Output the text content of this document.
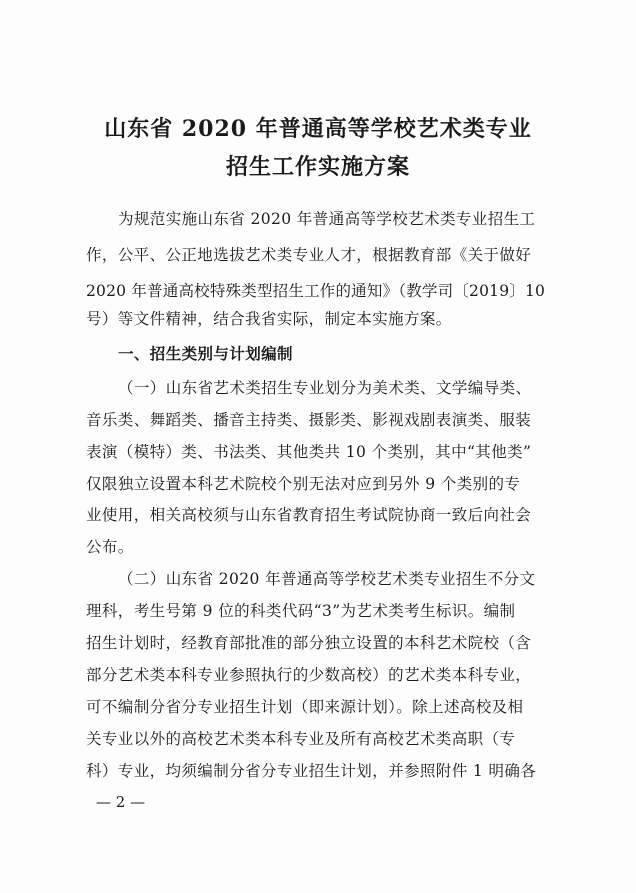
山东省 2020 年普通高等学校艺术类专业
招生工作实施方案
为规范实施山东省 2020 年普通高等学校艺术类专业招生工
作，公平、公正地选拔艺术类专业人才，根据教育部《关于做好
2020 年普通高校特殊类型招生工作的通知》（教学司〔2019〕10
号）等文件精神，结合我省实际，制定本实施方案。
一、招生类别与计划编制
（一）山东省艺术类招生专业划分为美术类、文学编导类、
音乐类、舞蹈类、播音主持类、摄影类、影视戏剧表演类、服装
表演（模特）类、书法类、其他类共 10 个类别，其中“其他类”
仅限独立设置本科艺术院校个别无法对应到另外 9 个类别的专
业使用，相关高校须与山东省教育招生考试院协商一致后向社会
公布。
（二）山东省 2020 年普通高等学校艺术类专业招生不分文
理科，考生号第 9 位的科类代码“3”为艺术类考生标识。编制
招生计划时，经教育部批准的部分独立设置的本科艺术院校（含
部分艺术类本科专业参照执行的少数高校）的艺术类本科专业，
可不编制分省分专业招生计划（即来源计划）。除上述高校及相
关专业以外的高校艺术类本科专业及所有高校艺术类高职（专
科）专业，均须编制分省分专业招生计划，并参照附件 1 明确各
— 2 —
